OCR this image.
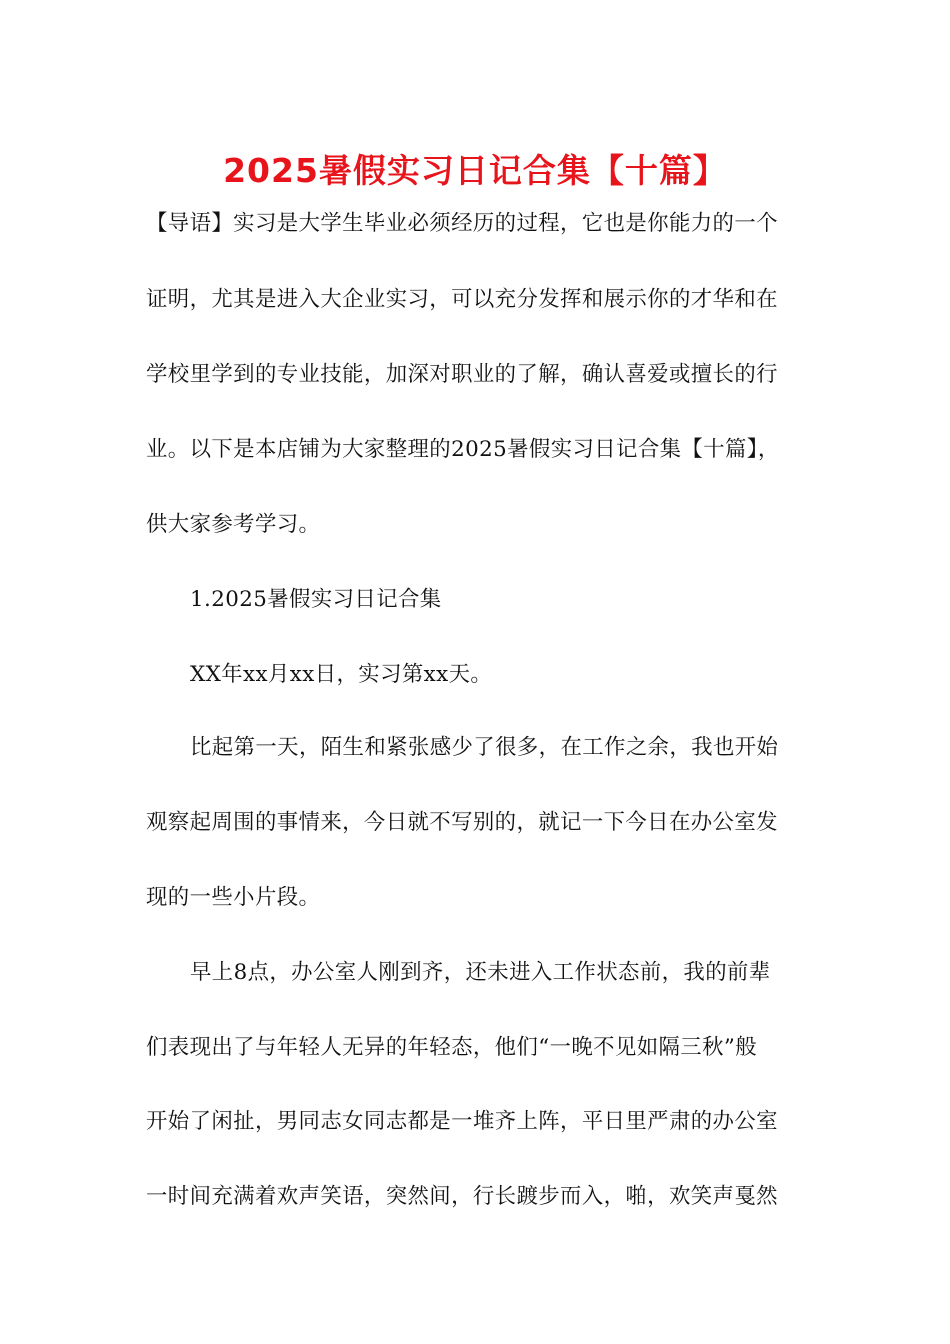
2025暑假实习日记合集【十篇】
【导语】实习是大学生毕业必须经历的过程，它也是你能力的一个
证明，尤其是进入大企业实习，可以充分发挥和展示你的才华和在
学校里学到的专业技能，加深对职业的了解，确认喜爱或擅长的行
业。以下是本店铺为大家整理的2025暑假实习日记合集【十篇】，
供大家参考学习。
1.2025暑假实习日记合集
XX年xx月xx日，实习第xx天。
比起第一天，陌生和紧张感少了很多，在工作之余，我也开始
观察起周围的事情来，今日就不写别的，就记一下今日在办公室发
现的一些小片段。
早上8点，办公室人刚到齐，还未进入工作状态前，我的前辈
们表现出了与年轻人无异的年轻态，他们“一晚不见如隔三秋”般
开始了闲扯，男同志女同志都是一堆齐上阵，平日里严肃的办公室
一时间充满着欢声笑语，突然间，行长踱步而入，啪，欢笑声戛然
